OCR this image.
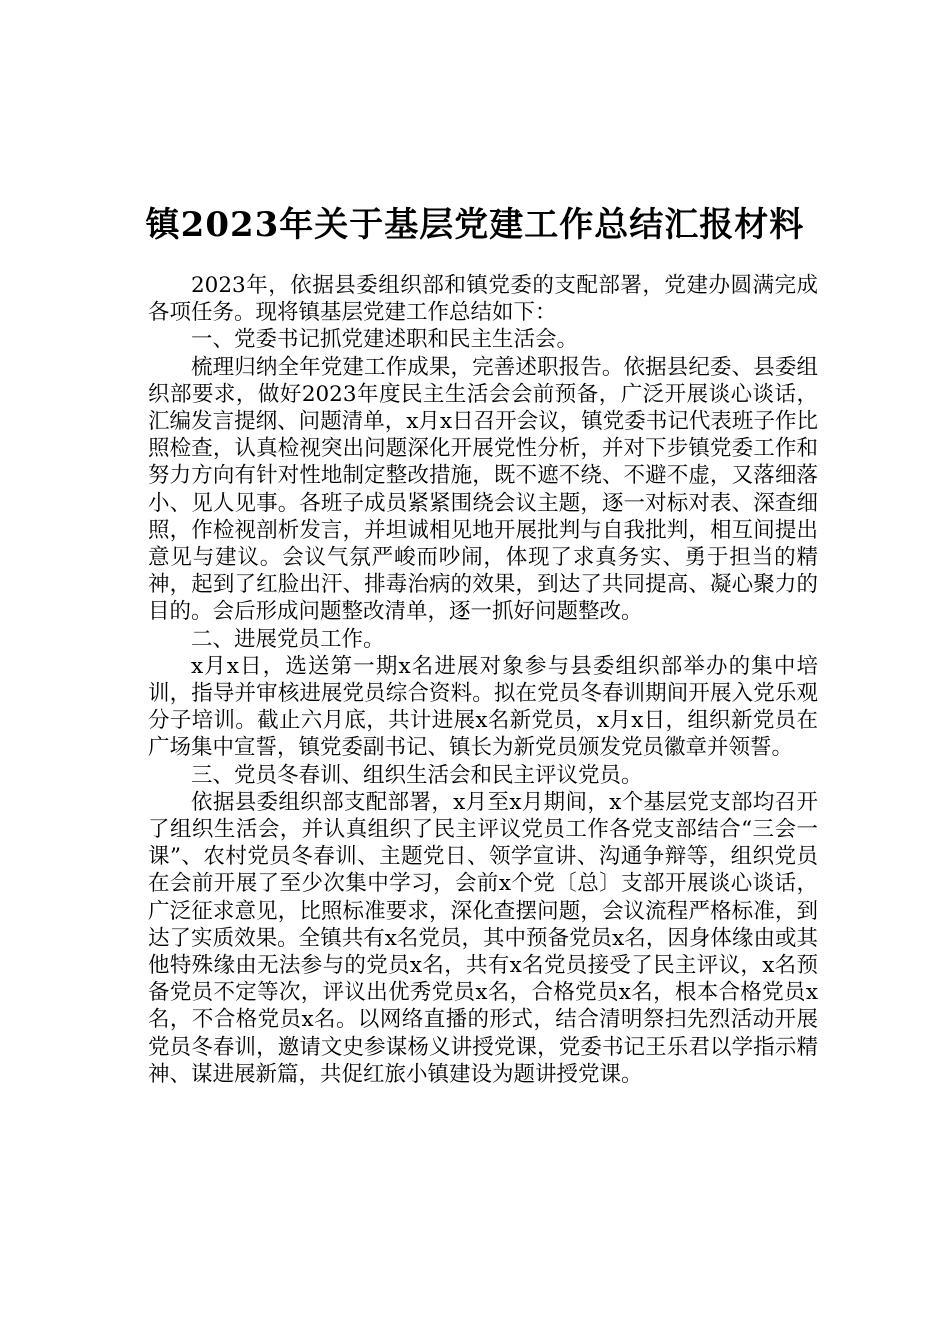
镇2023年关于基层党建工作总结汇报材料

2023年，依据县委组织部和镇党委的支配部署，党建办圆满完成各项任务。现将镇基层党建工作总结如下：

一、党委书记抓党建述职和民主生活会。

梳理归纳全年党建工作成果，完善述职报告。依据县纪委、县委组织部要求，做好2023年度民主生活会会前预备，广泛开展谈心谈话，汇编发言提纲、问题清单，x月x日召开会议，镇党委书记代表班子作比照检查，认真检视突出问题深化开展党性分析，并对下步镇党委工作和努力方向有针对性地制定整改措施，既不遮不绕、不避不虚，又落细落小、见人见事。各班子成员紧紧围绕会议主题，逐一对标对表、深查细照，作检视剖析发言，并坦诚相见地开展批判与自我批判，相互间提出意见与建议。会议气氛严峻而吵闹，体现了求真务实、勇于担当的精神，起到了红脸出汗、排毒治病的效果，到达了共同提高、凝心聚力的目的。会后形成问题整改清单，逐一抓好问题整改。

二、进展党员工作。

x月x日，选送第一期x名进展对象参与县委组织部举办的集中培训，指导并审核进展党员综合资料。拟在党员冬春训期间开展入党乐观分子培训。截止六月底，共计进展x名新党员，x月x日，组织新党员在广场集中宣誓，镇党委副书记、镇长为新党员颁发党员徽章并领誓。

三、党员冬春训、组织生活会和民主评议党员。

依据县委组织部支配部署，x月至x月期间，x个基层党支部均召开了组织生活会，并认真组织了民主评议党员工作各党支部结合“三会一课”、农村党员冬春训、主题党日、领学宣讲、沟通争辩等，组织党员在会前开展了至少次集中学习，会前x个党〔总〕支部开展谈心谈话，广泛征求意见，比照标准要求，深化查摆问题，会议流程严格标准，到达了实质效果。全镇共有x名党员，其中预备党员x名，因身体缘由或其他特殊缘由无法参与的党员x名，共有x名党员接受了民主评议，x名预备党员不定等次，评议出优秀党员x名，合格党员x名，根本合格党员x名，不合格党员x名。以网络直播的形式，结合清明祭扫先烈活动开展党员冬春训，邀请文史参谋杨义讲授党课，党委书记王乐君以学指示精神、谋进展新篇，共促红旅小镇建设为题讲授党课。
